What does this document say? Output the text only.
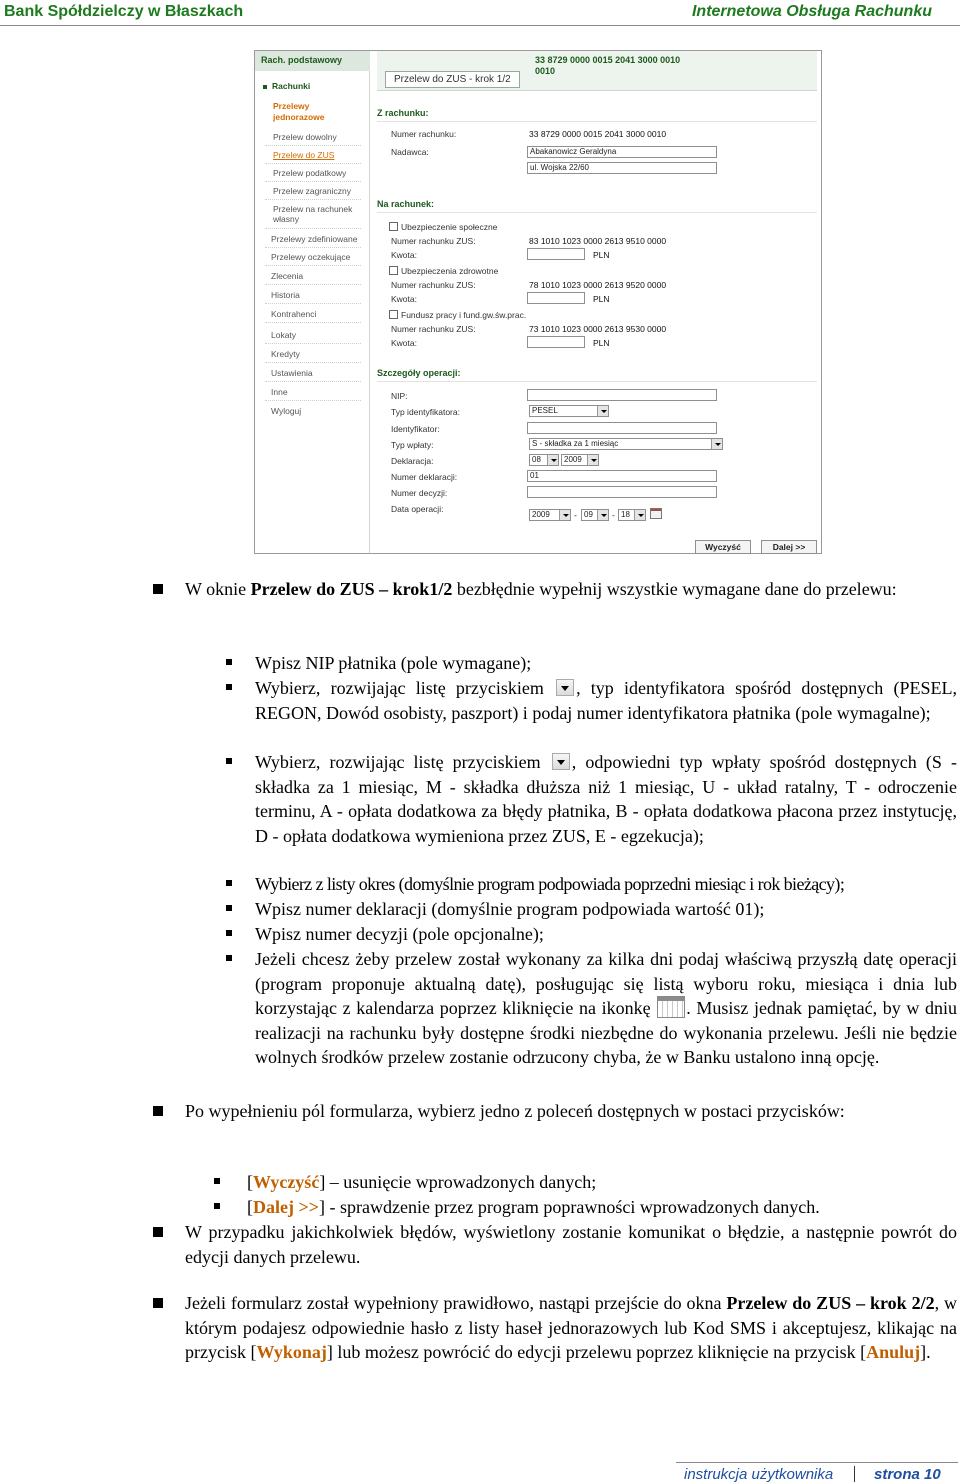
Bank Spółdzielczy w Błaszkach	Internetowa Obsługa Rachunku
Rach. podstawowy
Rachunki
Przelewy jednorazowe
Przelew dowolny
Przelew do ZUS
Przelew podatkowy
Przelew zagraniczny
Przelew na rachunek własny
Przelewy zdefiniowane
Przelewy oczekujące
Zlecenia
Historia
Kontrahenci
Lokaty
Kredyty
Ustawienia
Inne
Wyloguj
33 8729 0000 0015 2041 3000 0010
0010
Przelew do ZUS - krok 1/2
Z rachunku:
Numer rachunku:	33 8729 0000 0015 2041 3000 0010
Nadawca:	Abakanowicz Geraldyna
ul. Wojska 22/60
Na rachunek:
Ubezpieczenie społeczne
Numer rachunku ZUS:	83 1010 1023 0000 2613 9510 0000
Kwota:	PLN
Ubezpieczenia zdrowotne
Numer rachunku ZUS:	78 1010 1023 0000 2613 9520 0000
Kwota:	PLN
Fundusz pracy i fund.gw.św.prac.
Numer rachunku ZUS:	73 1010 1023 0000 2613 9530 0000
Kwota:	PLN
Szczegóły operacji:
NIP:
Typ identyfikatora:	PESEL
Identyfikator:
Typ wpłaty:	S - składka za 1 miesiąc
Deklaracja:	08	2009
Numer deklaracji:	01
Numer decyzji:
Data operacji:
2009	- 09	- 18
Wyczyść	Dalej >>
W oknie Przelew do ZUS – krok1/2 bezbłędnie wypełnij wszystkie wymagane dane do przelewu:
Wpisz NIP płatnika (pole wymagane);
Wybierz, rozwijając listę przyciskiem , typ identyfikatora spośród dostępnych (PESEL, REGON, Dowód osobisty, paszport) i podaj numer identyfikatora płatnika (pole wymagalne);
Wybierz, rozwijając listę przyciskiem , odpowiedni typ wpłaty spośród dostępnych (S -składka za 1 miesiąc, M - składka dłuższa niż 1 miesiąc, U - układ ratalny, T - odroczenie terminu, A - opłata dodatkowa za błędy płatnika, B - opłata dodatkowa płacona przez instytucję, D - opłata dodatkowa wymieniona przez ZUS, E - egzekucja);
Wybierz z listy okres (domyślnie program podpowiada poprzedni miesiąc i rok bieżący);
Wpisz numer deklaracji (domyślnie program podpowiada wartość 01);
Wpisz numer decyzji (pole opcjonalne);
Jeżeli chcesz żeby przelew został wykonany za kilka dni podaj właściwą przyszłą datę operacji (program proponuje aktualną datę), posługując się listą wyboru roku, miesiąca i dnia lub korzystając z kalendarza poprzez kliknięcie na ikonkę . Musisz jednak pamiętać, by w dniu realizacji na rachunku były dostępne środki niezbędne do wykonania przelewu. Jeśli nie będzie wolnych środków przelew zostanie odrzucony chyba, że w Banku ustalono inną opcję.
Po wypełnieniu pól formularza, wybierz jedno z poleceń dostępnych w postaci przycisków:
[Wyczyść] – usunięcie wprowadzonych danych;
[Dalej >>] - sprawdzenie przez program poprawności wprowadzonych danych.
W przypadku jakichkolwiek błędów, wyświetlony zostanie komunikat o błędzie, a następnie powrót do edycji danych przelewu.
Jeżeli formularz został wypełniony prawidłowo, nastąpi przejście do okna Przelew do ZUS – krok 2/2, w którym podajesz odpowiednie hasło z listy haseł jednorazowych lub Kod SMS i akceptujesz, klikając na przycisk [Wykonaj] lub możesz powrócić do edycji przelewu poprzez kliknięcie na przycisk [Anuluj].
instrukcja użytkownika	strona 10
